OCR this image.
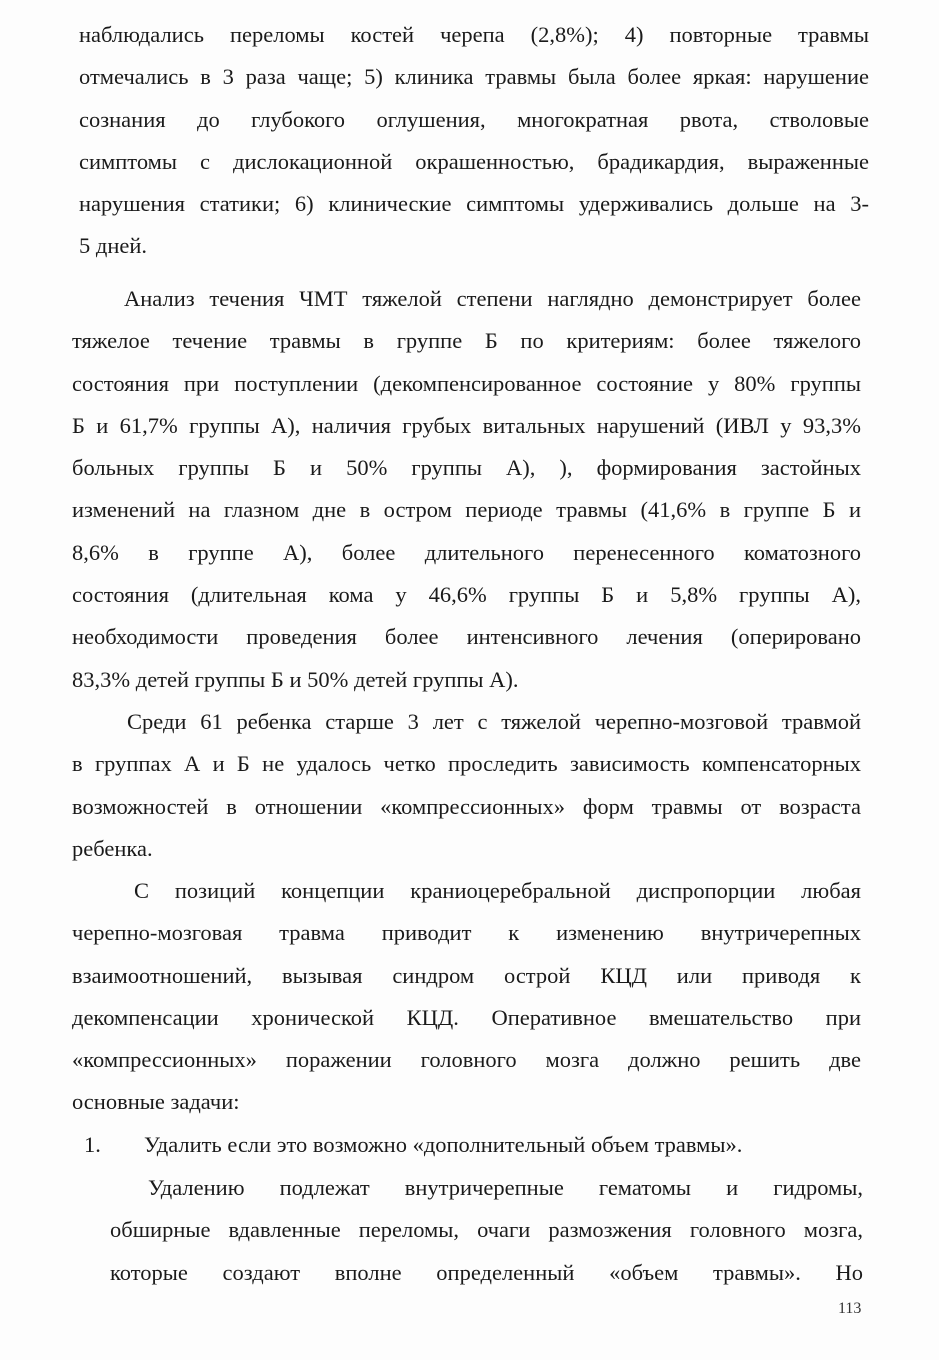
наблюдались переломы костей черепа (2,8%); 4) повторные травмы
отмечались в 3 раза чаще; 5) клиника травмы была более яркая: нарушение
сознания до глубокого оглушения, многократная рвота, стволовые
симптомы с дислокационной окрашенностью, брадикардия, выраженные
нарушения статики; 6) клинические симптомы удерживались дольше на 3-
5 дней.

Анализ течения ЧМТ тяжелой степени наглядно демонстрирует более
тяжелое течение травмы в группе Б по критериям: более тяжелого
состояния при поступлении (декомпенсированное состояние у 80% группы
Б и 61,7% группы А), наличия грубых витальных нарушений (ИВЛ у 93,3%
больных группы Б и 50% группы А), ), формирования застойных
изменений на глазном дне в остром периоде травмы (41,6% в группе Б и
8,6% в группе А), более длительного перенесенного коматозного
состояния (длительная кома у 46,6% группы Б и 5,8% группы А),
необходимости проведения более интенсивного лечения (оперировано
83,3% детей группы Б и 50% детей группы А).

Среди 61 ребенка старше 3 лет с тяжелой черепно-мозговой травмой
в группах А и Б не удалось четко проследить зависимость компенсаторных
возможностей в отношении «компрессионных» форм травмы от возраста
ребенка.

С позиций концепции краниоцеребральной диспропорции любая
черепно-мозговая травма приводит к изменению внутричерепных
взаимоотношений, вызывая синдром острой КЦД или приводя к
декомпенсации хронической КЦД. Оперативное вмешательство при
«компрессионных» поражении головного мозга должно решить две
основные задачи:

1. Удалить если это возможно «дополнительный объем травмы».

Удалению подлежат внутричерепные гематомы и гидромы,
обширные вдавленные переломы, очаги размозжения головного мозга,
которые создают вполне определенный «объем травмы». Но

113
